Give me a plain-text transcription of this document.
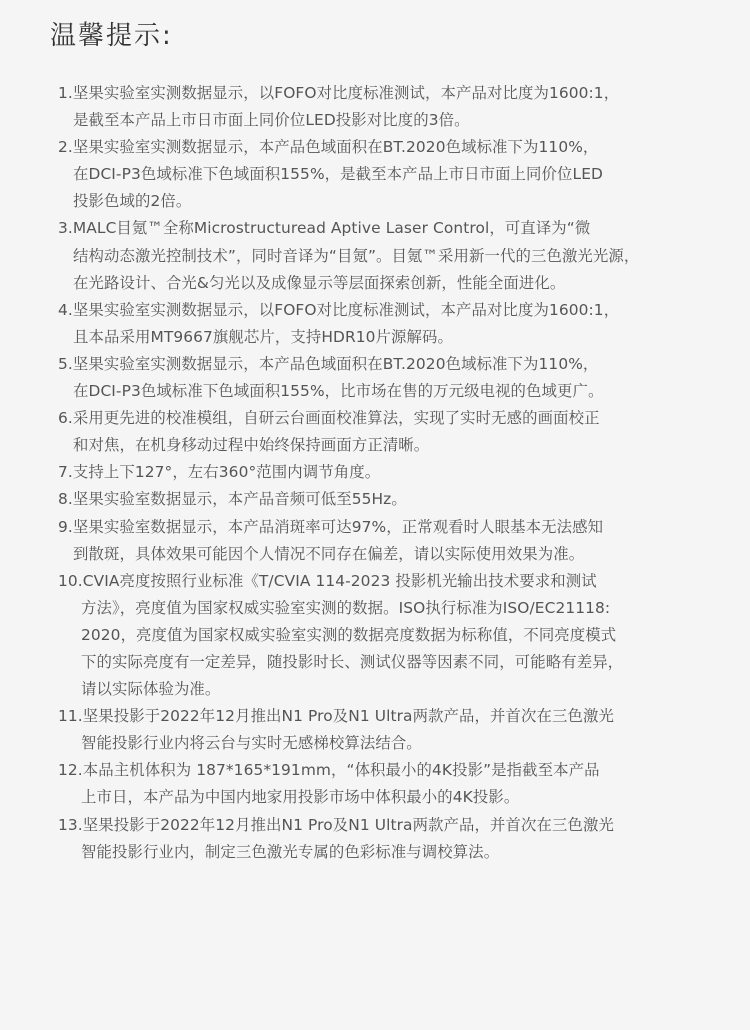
温馨提示:
1.坚果实验室实测数据显示，以FOFO对比度标准测试，本产品对比度为1600:1，
是截至本产品上市日市面上同价位LED投影对比度的3倍。
2.坚果实验室实测数据显示，本产品色域面积在BT.2020色域标准下为110%，
在DCI-P3色域标准下色域面积155%，是截至本产品上市日市面上同价位LED
投影色域的2倍。
3.MALC目氪™全称Microstructuread Aptive Laser Control，可直译为“微
结构动态激光控制技术”，同时音译为“目氪”。目氪™采用新一代的三色激光光源，
在光路设计、合光&匀光以及成像显示等层面探索创新，性能全面进化。
4.坚果实验室实测数据显示，以FOFO对比度标准测试，本产品对比度为1600:1，
且本品采用MT9667旗舰芯片，支持HDR10片源解码。
5.坚果实验室实测数据显示，本产品色域面积在BT.2020色域标准下为110%，
在DCI-P3色域标准下色域面积155%，比市场在售的万元级电视的色域更广。
6.采用更先进的校准模组，自研云台画面校准算法，实现了实时无感的画面校正
和对焦，在机身移动过程中始终保持画面方正清晰。
7.支持上下127°，左右360°范围内调节角度。
8.坚果实验室数据显示，本产品音频可低至55Hz。
9.坚果实验室数据显示，本产品消斑率可达97%，正常观看时人眼基本无法感知
到散斑，具体效果可能因个人情况不同存在偏差，请以实际使用效果为准。
10.CVIA亮度按照行业标准《T/CVIA 114-2023 投影机光输出技术要求和测试
方法》，亮度值为国家权威实验室实测的数据。ISO执行标准为ISO/EC21118:
2020，亮度值为国家权威实验室实测的数据亮度数据为标称值，不同亮度模式
下的实际亮度有一定差异，随投影时长、测试仪器等因素不同，可能略有差异，
请以实际体验为准。
11.坚果投影于2022年12月推出N1 Pro及N1 Ultra两款产品，并首次在三色激光
智能投影行业内将云台与实时无感梯校算法结合。
12.本品主机体积为 187*165*191mm，“体积最小的4K投影”是指截至本产品
上市日，本产品为中国内地家用投影市场中体积最小的4K投影。
13.坚果投影于2022年12月推出N1 Pro及N1 Ultra两款产品，并首次在三色激光
智能投影行业内，制定三色激光专属的色彩标准与调校算法。
